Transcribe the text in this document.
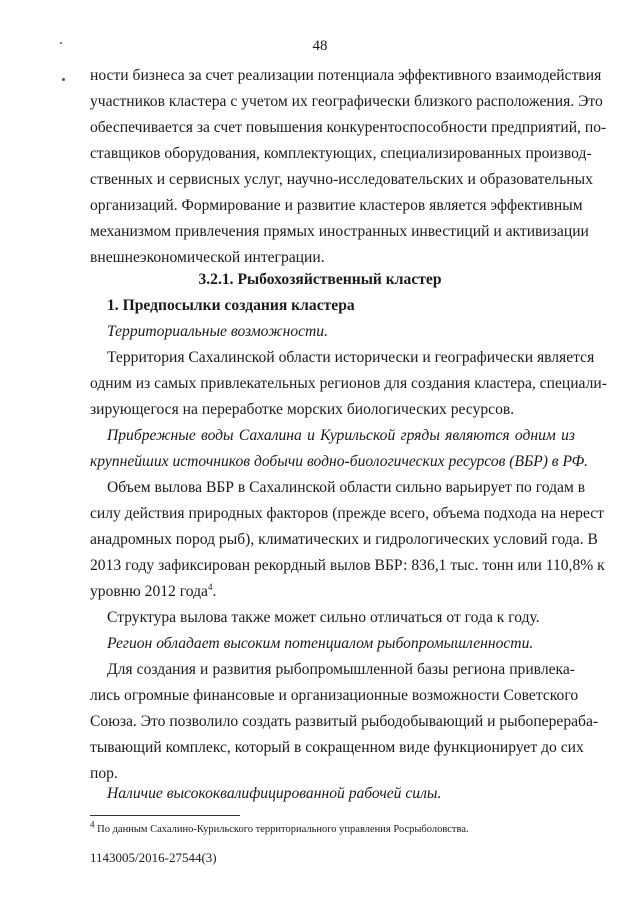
48
ности бизнеса за счет реализации потенциала эффективного взаимодействия
участников кластера с учетом их географически близкого расположения. Это
обеспечивается за счет повышения конкурентоспособности предприятий, по-
ставщиков оборудования, комплектующих, специализированных производ-
ственных и сервисных услуг, научно-исследовательских и образовательных
организаций. Формирование и развитие кластеров является эффективным
механизмом привлечения прямых иностранных инвестиций и активизации
внешнеэкономической интеграции.
3.2.1. Рыбохозяйственный кластер
1. Предпосылки создания кластера
Территориальные возможности.
Территория Сахалинской области исторически и географически является
одним из самых привлекательных регионов для создания кластера, специали-
зирующегося на переработке морских биологических ресурсов.
Прибрежные воды Сахалина и Курильской гряды являются одним из
крупнейших источников добычи водно-биологических ресурсов (ВБР) в РФ.
Объем вылова ВБР в Сахалинской области сильно варьирует по годам в
силу действия природных факторов (прежде всего, объема подхода на нерест
анадромных пород рыб), климатических и гидрологических условий года. В
2013 году зафиксирован рекордный вылов ВБР: 836,1 тыс. тонн или 110,8% к
уровню 2012 года$^4$.
Структура вылова также может сильно отличаться от года к году.
Регион обладает высоким потенциалом рыбопромышленности.
Для создания и развития рыбопромышленной базы региона привлека-
лись огромные финансовые и организационные возможности Советского
Союза. Это позволило создать развитый рыбодобывающий и рыбоперераба-
тывающий комплекс, который в сокращенном виде функционирует до сих
пор.
Наличие высококвалифицированной рабочей силы.
$^4$ По данным Сахалино-Курильского территориального управления Росрыболовства.
1143005/2016-27544(3)
